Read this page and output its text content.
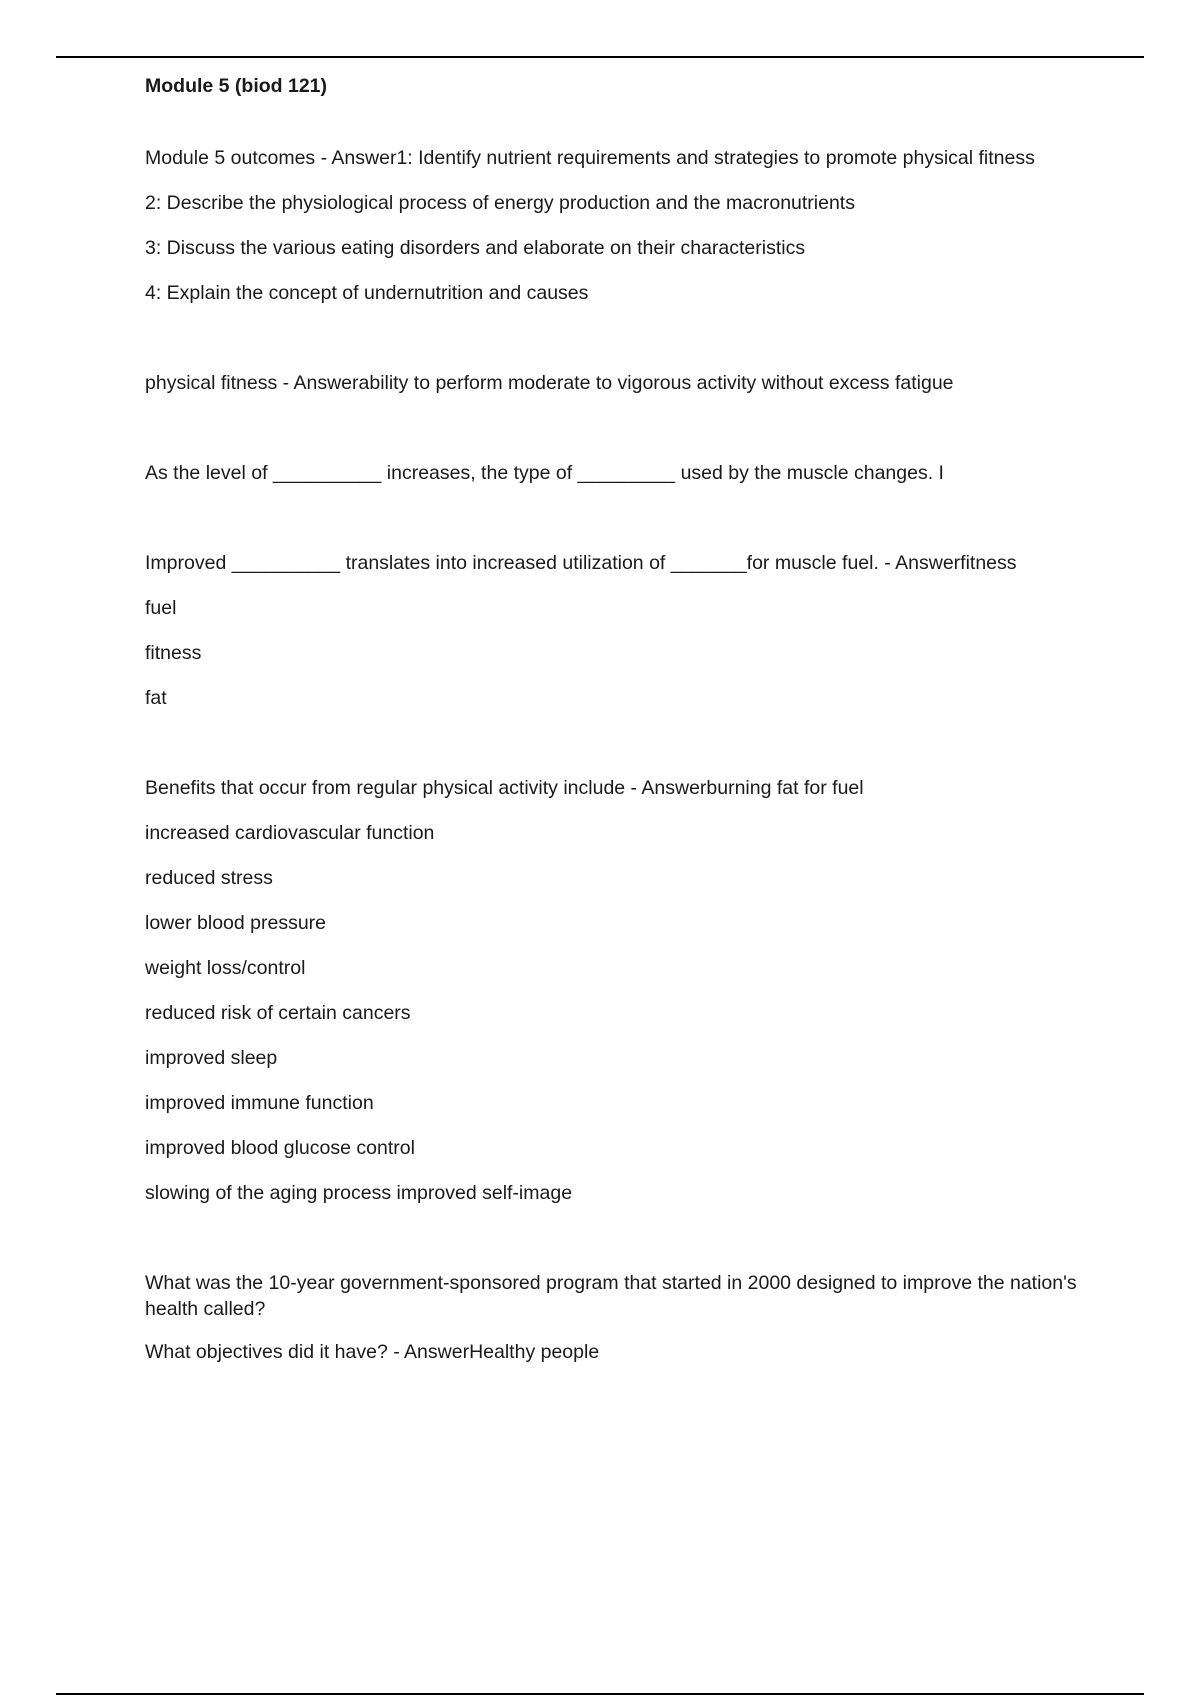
Module 5 (biod 121)
Module 5 outcomes - Answer1: Identify nutrient requirements and strategies to promote physical fitness
2: Describe the physiological process of energy production and the macronutrients
3: Discuss the various eating disorders and elaborate on their characteristics
4: Explain the concept of undernutrition and causes
physical fitness - Answerability to perform moderate to vigorous activity without excess fatigue
As the level of __________ increases, the type of _________ used by the muscle changes. I
Improved __________ translates into increased utilization of _______for muscle fuel. - Answerfitness
fuel
fitness
fat
Benefits that occur from regular physical activity include - Answerburning fat for fuel
increased cardiovascular function
reduced stress
lower blood pressure
weight loss/control
reduced risk of certain cancers
improved sleep
improved immune function
improved blood glucose control
slowing of the aging process improved self-image
What was the 10-year government-sponsored program that started in 2000 designed to improve the nation's health called?
What objectives did it have? - AnswerHealthy people
